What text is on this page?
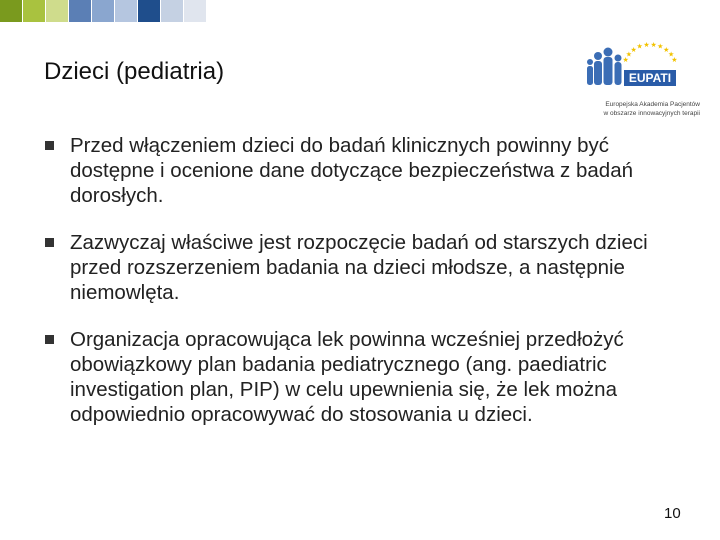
Dzieci (pediatria)	★
★
★ ★ ★ ★ ★ ★
★
★
EUPATI
Europejska Akademia Pacjentów
w obszarze innowacyjnych terapii
Przed włączeniem dzieci do badań klinicznych powinny być dostępne i ocenione dane dotyczące bezpieczeństwa z badań dorosłych.
Zazwyczaj właściwe jest rozpoczęcie badań od starszych dzieci przed rozszerzeniem badania na dzieci młodsze, a następnie niemowlęta.
Organizacja opracowująca lek powinna wcześniej przedłożyć obowiązkowy plan badania pediatrycznego (ang. paediatric investigation plan, PIP) w celu upewnienia się, że lek można odpowiednio opracowywać do stosowania u dzieci.
10
